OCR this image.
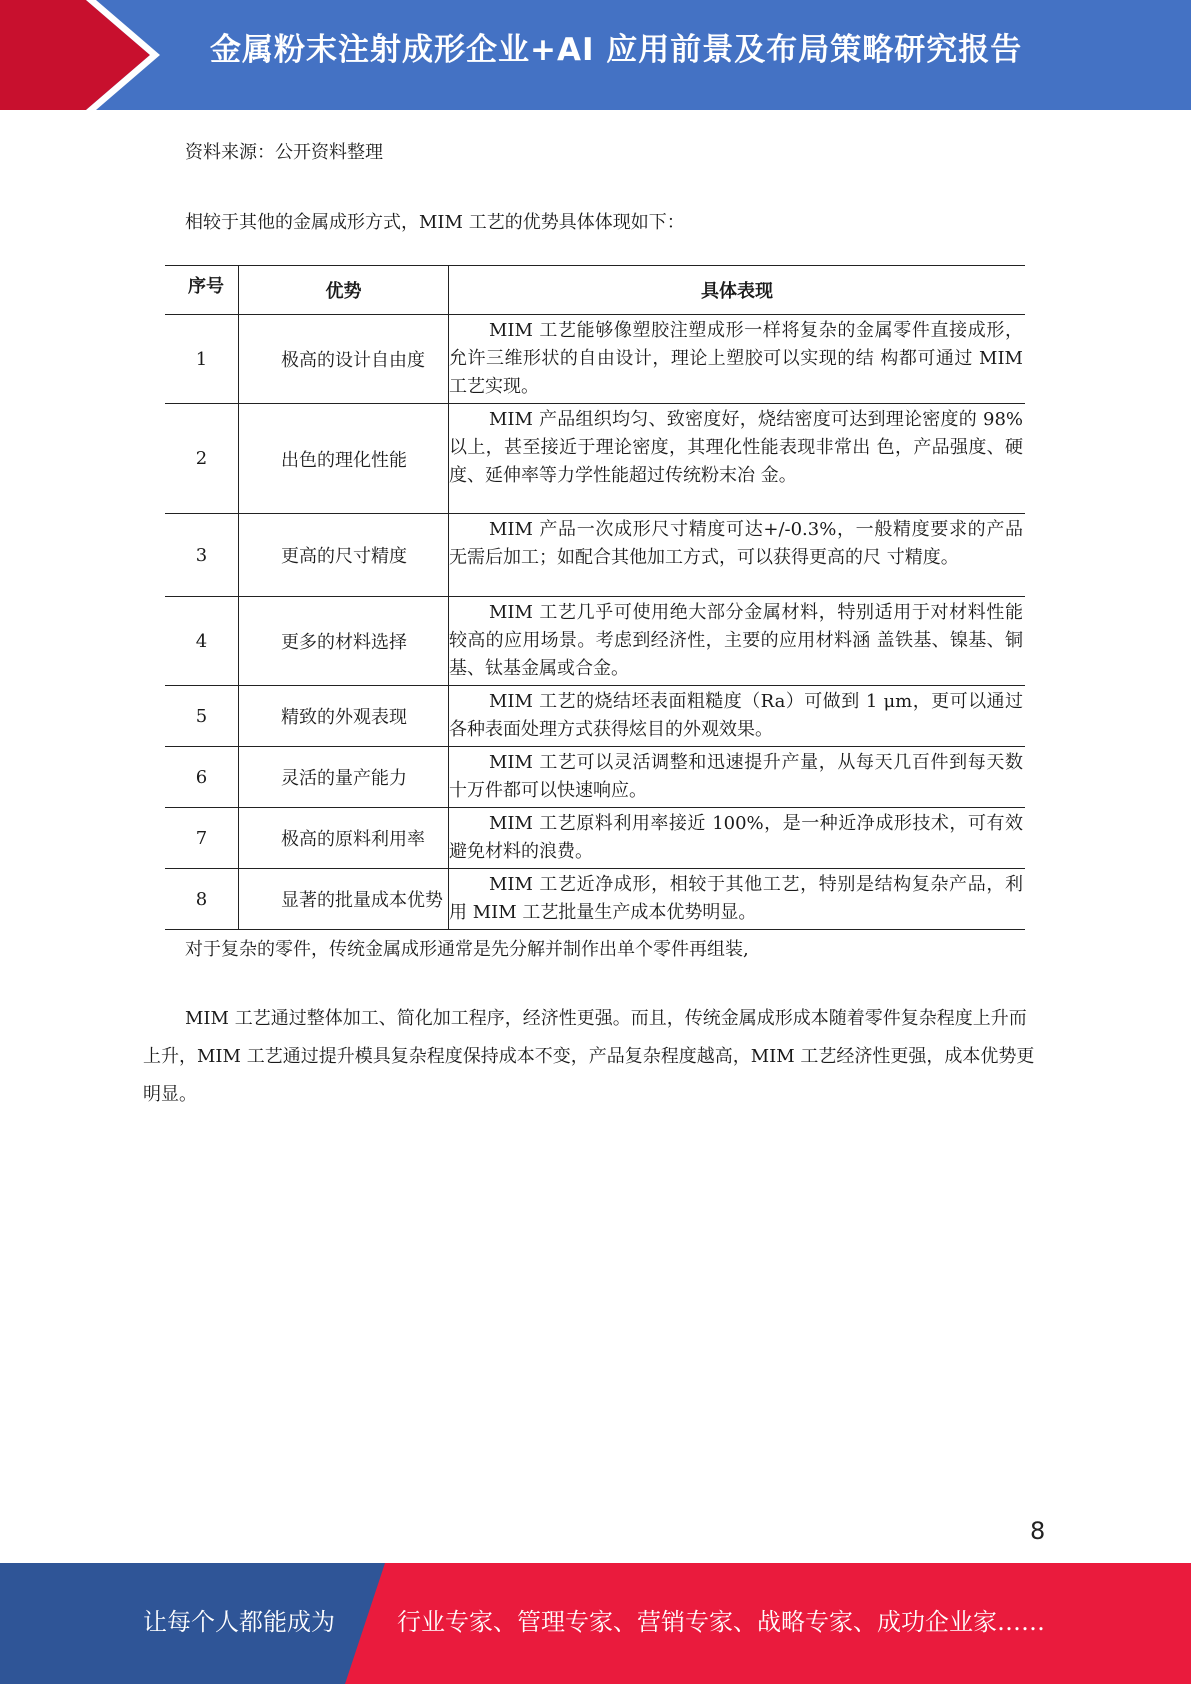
金属粉末注射成形企业+AI 应用前景及布局策略研究报告
资料来源：公开资料整理
相较于其他的金属成形方式，MIM 工艺的优势具体体现如下：
序号	优势	具体表现
1	极高的设计自由度	MIM 工艺能够像塑胶注塑成形一样将复杂的金属零件直接成形，允许三维形状的自由设计，理论上塑胶可以实现的结 构都可通过 MIM 工艺实现。
2	出色的理化性能	MIM 产品组织均匀、致密度好，烧结密度可达到理论密度的 98%以上，甚至接近于理论密度，其理化性能表现非常出 色，产品强度、硬度、延伸率等力学性能超过传统粉末冶 金。
3	更高的尺寸精度	MIM 产品一次成形尺寸精度可达+/-0.3%，一般精度要求的产品无需后加工；如配合其他加工方式，可以获得更高的尺 寸精度。
4	更多的材料选择	MIM 工艺几乎可使用绝大部分金属材料，特别适用于对材料性能较高的应用场景。考虑到经济性，主要的应用材料涵 盖铁基、镍基、铜基、钛基金属或合金。
5	精致的外观表现	MIM 工艺的烧结坯表面粗糙度（Ra）可做到 1 μm，更可以通过各种表面处理方式获得炫目的外观效果。
6	灵活的量产能力	MIM 工艺可以灵活调整和迅速提升产量，从每天几百件到每天数十万件都可以快速响应。
7	极高的原料利用率	MIM 工艺原料利用率接近 100%，是一种近净成形技术，可有效避免材料的浪费。
8	显著的批量成本优势	MIM 工艺近净成形，相较于其他工艺，特别是结构复杂产品，利用 MIM 工艺批量生产成本优势明显。
对于复杂的零件，传统金属成形通常是先分解并制作出单个零件再组装,
MIM 工艺通过整体加工、简化加工程序，经济性更强。而且，传统金属成形成本随着零件复杂程度上升而上升，MIM 工艺通过提升模具复杂程度保持成本不变，产品复杂程度越高，MIM 工艺经济性更强，成本优势更明显。
8
让每个人都能成为	行业专家、管理专家、营销专家、战略专家、成功企业家……
